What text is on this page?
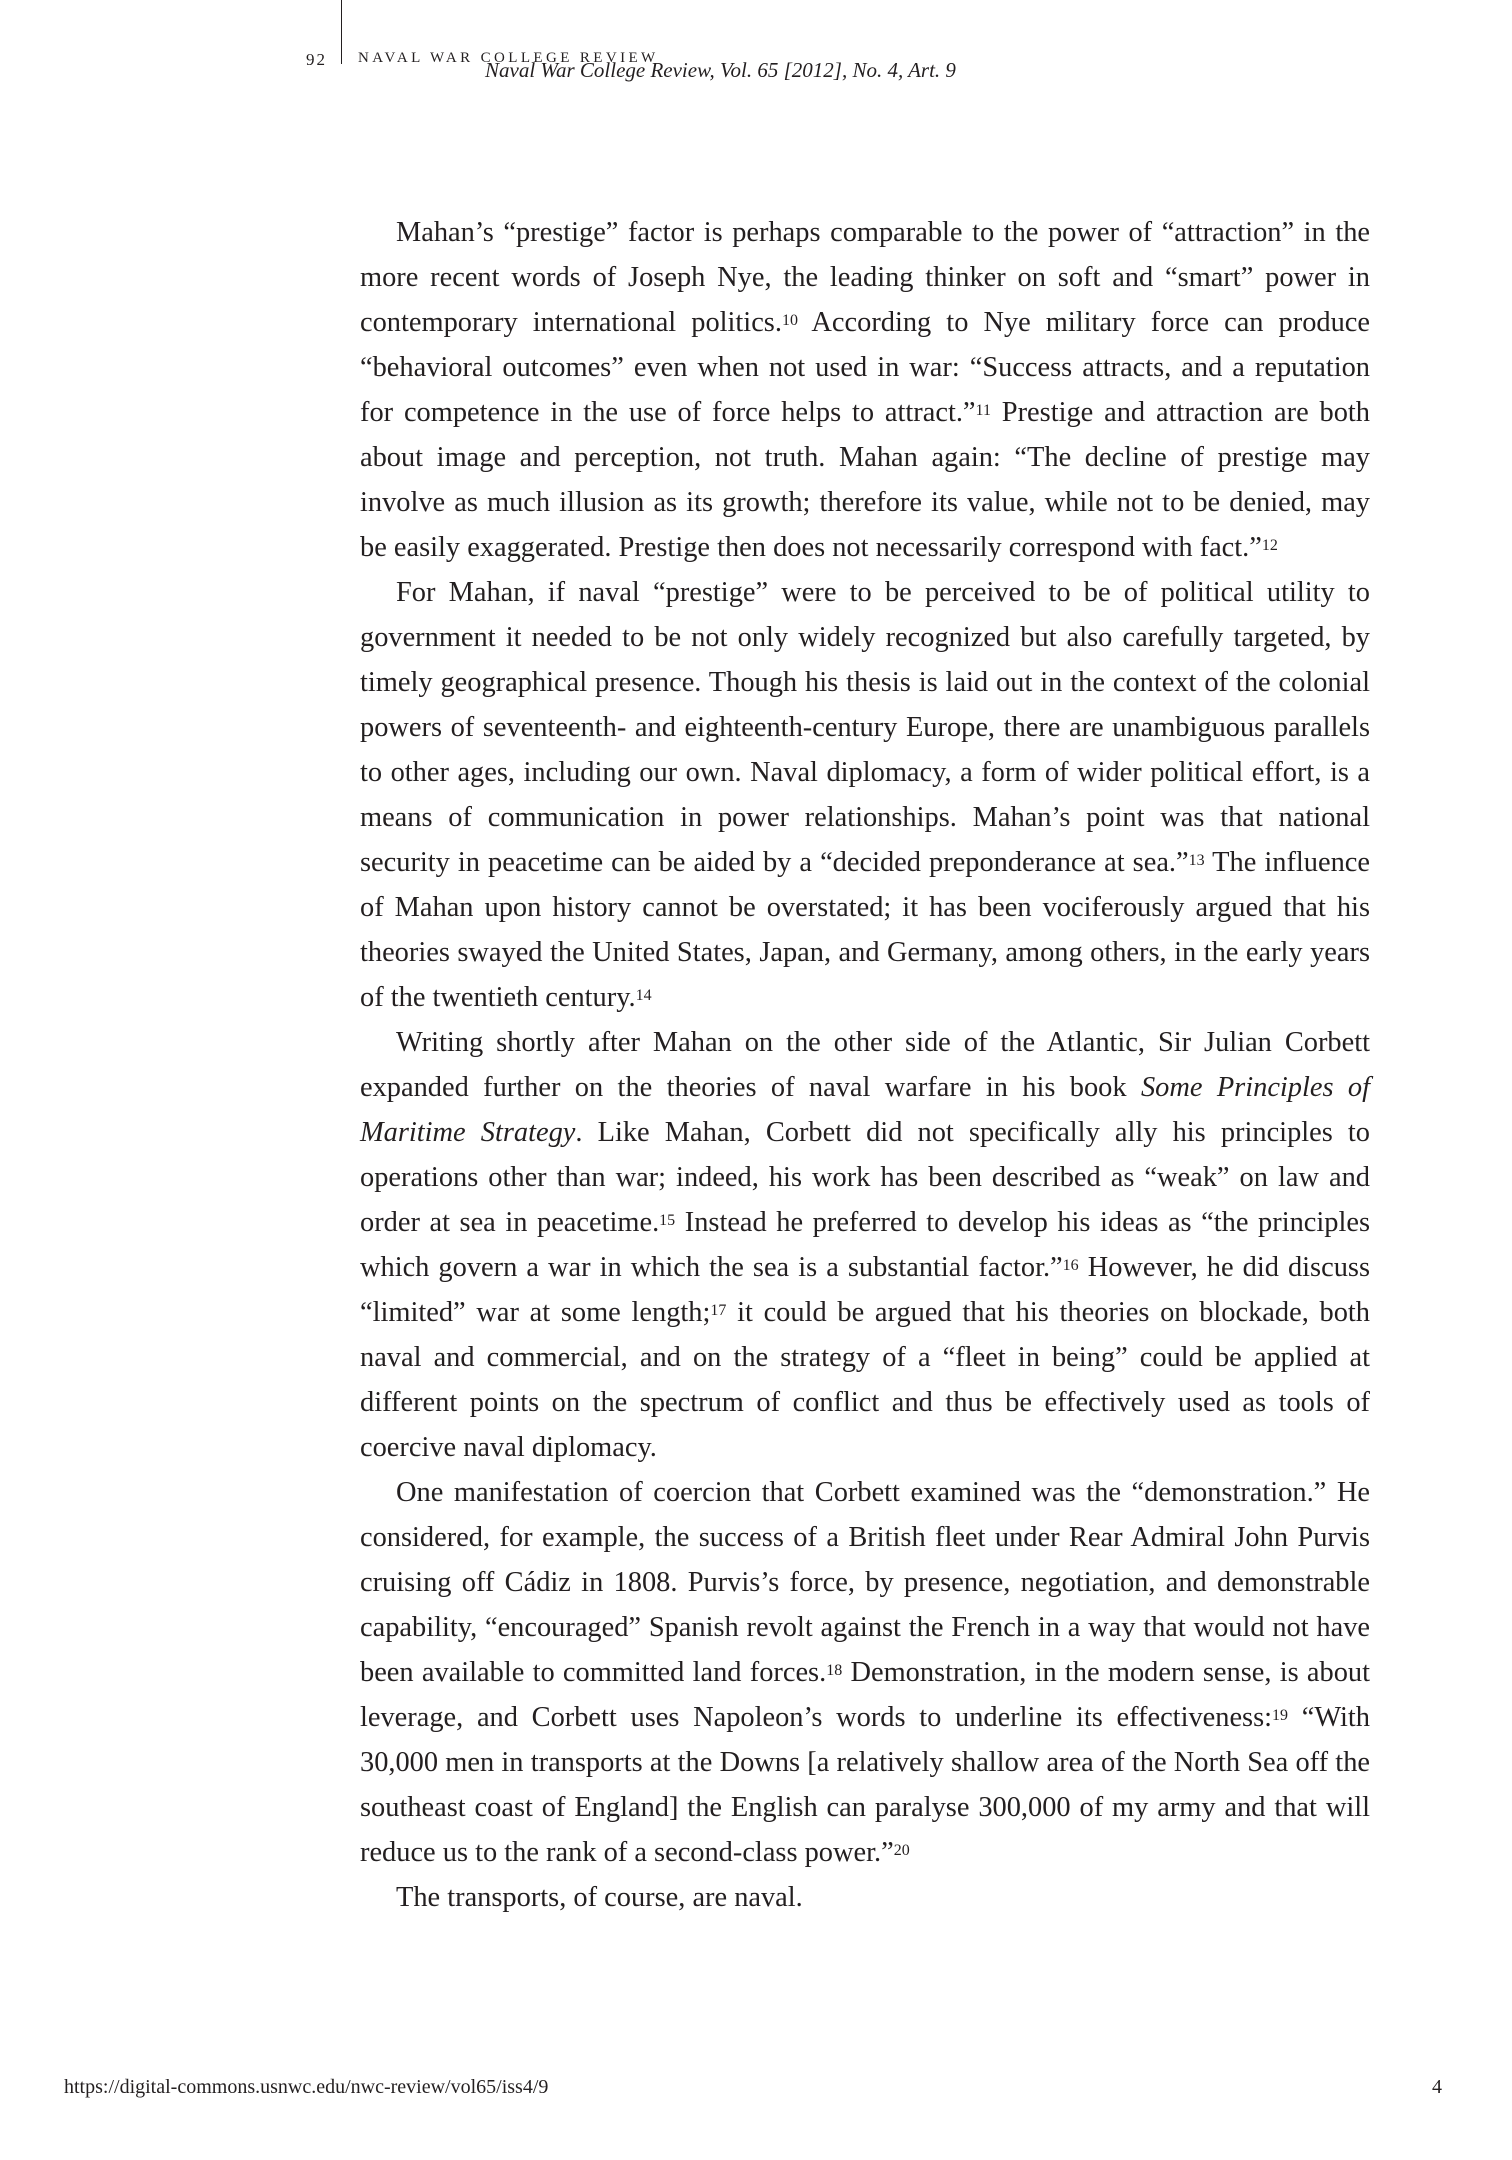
92 NAVAL WAR COLLEGE REVIEW
Naval War College Review, Vol. 65 [2012], No. 4, Art. 9

Mahan’s “prestige” factor is perhaps comparable to the power of “attraction” in the more recent words of Joseph Nye, the leading thinker on soft and “smart” power in contemporary international politics.$^{10}$ According to Nye military force can produce “behavioral outcomes” even when not used in war: “Success attracts, and a reputation for competence in the use of force helps to attract.”$^{11}$ Prestige and attraction are both about image and perception, not truth. Mahan again: “The decline of prestige may involve as much illusion as its growth; therefore its value, while not to be denied, may be easily exaggerated. Prestige then does not necessarily correspond with fact.”$^{12}$

For Mahan, if naval “prestige” were to be perceived to be of political utility to government it needed to be not only widely recognized but also carefully targeted, by timely geographical presence. Though his thesis is laid out in the context of the colonial powers of seventeenth- and eighteenth-century Europe, there are unambiguous parallels to other ages, including our own. Naval diplomacy, a form of wider political effort, is a means of communication in power relationships. Mahan’s point was that national security in peacetime can be aided by a “decided preponderance at sea.”$^{13}$ The influence of Mahan upon history cannot be overstated; it has been vociferously argued that his theories swayed the United States, Japan, and Germany, among others, in the early years of the twentieth century.$^{14}$

Writing shortly after Mahan on the other side of the Atlantic, Sir Julian Corbett expanded further on the theories of naval warfare in his book Some Principles of Maritime Strategy. Like Mahan, Corbett did not specifically ally his principles to operations other than war; indeed, his work has been described as “weak” on law and order at sea in peacetime.$^{15}$ Instead he preferred to develop his ideas as “the principles which govern a war in which the sea is a substantial factor.”$^{16}$ However, he did discuss “limited” war at some length;$^{17}$ it could be argued that his theories on blockade, both naval and commercial, and on the strategy of a “fleet in being” could be applied at different points on the spectrum of conflict and thus be effectively used as tools of coercive naval diplomacy.

One manifestation of coercion that Corbett examined was the “demonstration.” He considered, for example, the success of a British fleet under Rear Admiral John Purvis cruising off Cádiz in 1808. Purvis’s force, by presence, negotiation, and demonstrable capability, “encouraged” Spanish revolt against the French in a way that would not have been available to committed land forces.$^{18}$ Demonstration, in the modern sense, is about leverage, and Corbett uses Napoleon’s words to underline its effectiveness:$^{19}$ “With 30,000 men in transports at the Downs [a relatively shallow area of the North Sea off the southeast coast of England] the English can paralyse 300,000 of my army and that will reduce us to the rank of a second-class power.”$^{20}$

The transports, of course, are naval.

https://digital-commons.usnwc.edu/nwc-review/vol65/iss4/9	4
